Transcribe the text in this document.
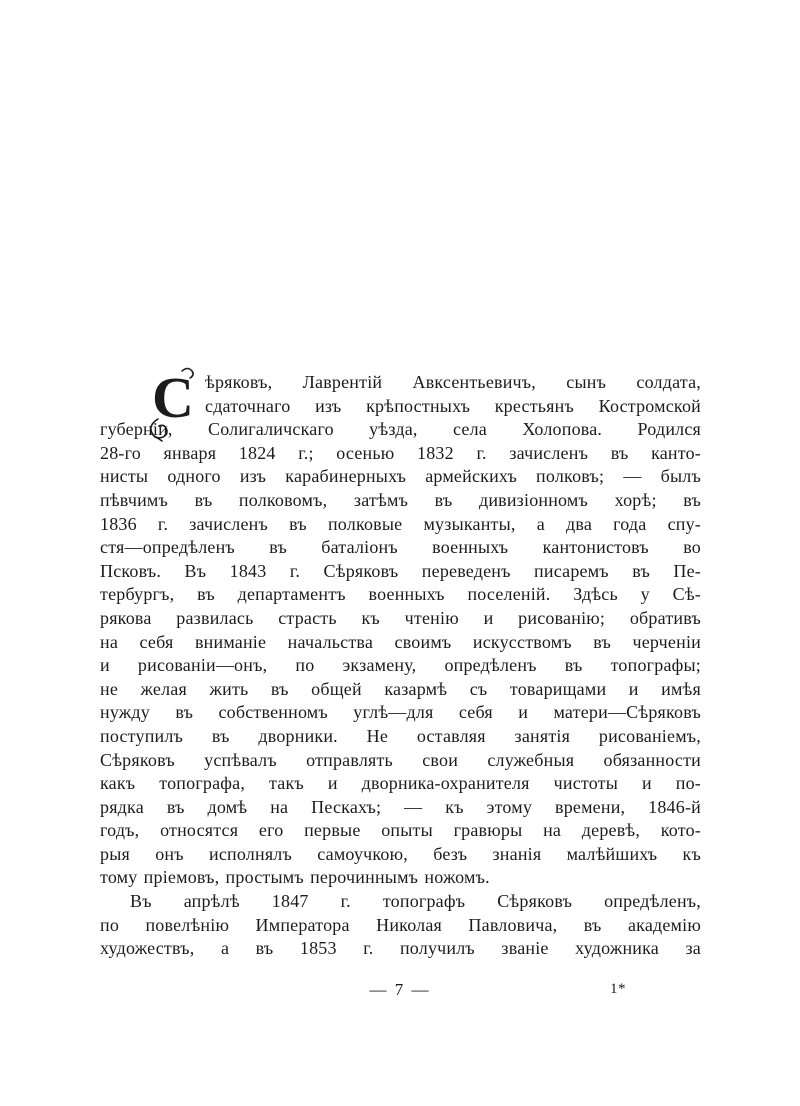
С ѣряковъ, Лаврентій Авксентьевичъ, сынъ солдата,
сдаточнаго изъ крѣпостныхъ крестьянъ Костромской
губерніи, Солигаличскаго уѣзда, села Холопова. Родился
28-го января 1824 г.; осенью 1832 г. зачисленъ въ канто-
нисты одного изъ карабинерныхъ армейскихъ полковъ; — былъ
пѣвчимъ въ полковомъ, затѣмъ въ дивизіонномъ хорѣ; въ
1836 г. зачисленъ въ полковые музыканты, а два года спу-
стя—опредѣленъ въ баталіонъ военныхъ кантонистовъ во
Псковъ. Въ 1843 г. Сѣряковъ переведенъ писаремъ въ Пе-
тербургъ, въ департаментъ военныхъ поселеній. Здѣсь у Сѣ-
рякова развилась страсть къ чтенію и рисованію; обративъ
на себя вниманіе начальства своимъ искусствомъ въ черченіи
и рисованіи—онъ, по экзамену, опредѣленъ въ топографы;
не желая жить въ общей казармѣ съ товарищами и имѣя
нужду въ собственномъ углѣ—для себя и матери—Сѣряковъ
поступилъ въ дворники. Не оставляя занятія рисованіемъ,
Сѣряковъ успѣвалъ отправлять свои служебныя обязанности
какъ топографа, такъ и дворника-охранителя чистоты и по-
рядка въ домѣ на Пескахъ; — къ этому времени, 1846-й
годъ, относятся его первые опыты гравюры на деревѣ, кото-
рыя онъ исполнялъ самоучкою, безъ знанія малѣйшихъ къ
тому пріемовъ, простымъ перочиннымъ ножомъ.
Въ апрѣлѣ 1847 г. топографъ Сѣряковъ опредѣленъ,
по повелѣнію Императора Николая Павловича, въ академію
художествъ, а въ 1853 г. получилъ званіе художника за
— 7 —	1*
